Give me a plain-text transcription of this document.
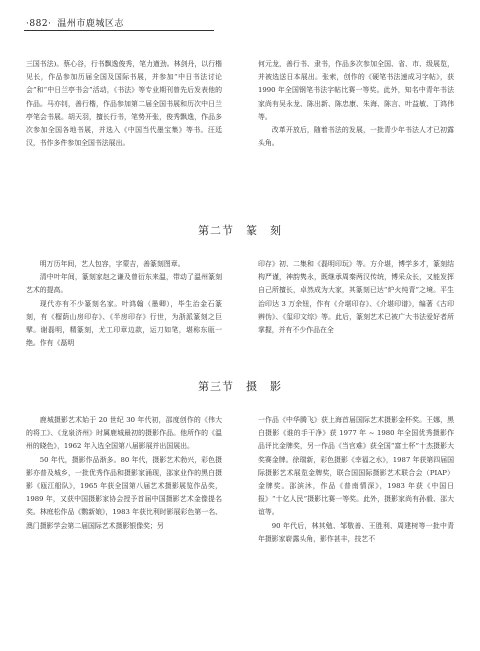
·882· 温州市鹿城区志

三国书法)。蔡心谷，行书飘逸俊秀，笔力遒劲。林剑丹，以行楷见长，作品参加历届全国及国际书展，并参加“中日书法讨论会”和“中日兰亭书会”活动，《书法》等专业期刊曾先后发表他的作品。马亦钊，善行楷，作品参加第二届全国书展和历次中日兰亭笔会书展。胡天羽，擅长行书，笔势开张，俊秀飘逸，作品多次参加全国各地书展，并选入《中国当代墨宝集》等书。汪廷汉，书作多件参加全国书法展出。

何元龙，善行书、隶书，作品多次参加全国、省、市、级展览，并被选送日本展出。张索，创作的《硬笔书法速成习字帖》，获 1990 年全国钢笔书法字帖比赛一等奖。此外，知名中青年书法家尚有吴永龙、陈出新、陈忠康、朱海、陈言、叶益敏、丁鸿伟等。

改革开放后，随着书法的发展，一批青少年书法人才已初露头角。

第二节 篆 刻

明万历年间，艺人包容，字蒙吉，善篆刻图章。

清中叶年间，篆刻家赵之谦及曾衍东来温，带动了温州篆刻艺术的提高。

现代亦有不少篆刻名家。叶鸿翰（墨卿），毕生治金石篆刻，有《榴荫山房印存》、《半房印存》行世，为浙派篆刻之巨擘。谢磊明，精篆刻，尤工印章边款，运刀如笔，堪称东瓯一绝。作有《磊明

印存》初、二集和《磊明印玩》等。方介堪，博学多才，篆刻结构严谨，神韵隽永，既继承周秦两汉传统，博采众长，又能发挥自己所擅长，卓然成为大家，其篆刻已达“炉火纯青”之境。平生治印达 3 万余钮，作有《介堪印存》、《介堪印谱》，编著《古印辨伪》、《玺印文综》等。此后，篆刻艺术已被广大书法爱好者所掌握，并有不少作品在全

第三节 摄 影

鹿城摄影艺术始于 20 世纪 30 年代初，邵度创作的《伟大的将工》、《龙泉济州》时属鹿城最初的摄影作品。他所作的《温州的晓色》，1962 年入选全国第八届影展并出国展出。

50 年代，摄影作品渐多。80 年代，摄影艺术勃兴，彩色摄影亦普及城乡，一批优秀作品和摄影家涌现，邵家业作的黑白摄影《瓯江船队》，1965 年获全国第八届艺术摄影展览作品奖，1989 年，又获中国摄影家协会授予首届中国摄影艺术金像提名奖。林庭松作品《鹦新娘》，1983 年获比利时影展彩色第一名、澳门摄影学会第二届国际艺术摄影银像奖；另

一作品《中华腾飞》获上海首届国际艺术摄影金杯奖。王娜，黑白摄影《谁的手干净》获 1977 年 ~ 1980 年全国优秀摄影作品评比金牌奖，另一作品《当官难》获全国“富士杯”十杰摄影大奖赛金牌。徐瑞新，彩色摄影《幸福之水》，1987 年获第四届国际摄影艺术展览金牌奖，联合国国际摄影艺术联合会（PIAP）金牌奖。邵滨沐，作品《普南情深》，1983 年获《中国日报》“十亿人民”摄影比赛一等奖。此外，摄影家尚有孙毅、邵大谊等。

90 年代后，林其勉、邹敬善、王胜利、周建树等一批中青年摄影家崭露头角，影作甚丰，技艺不
